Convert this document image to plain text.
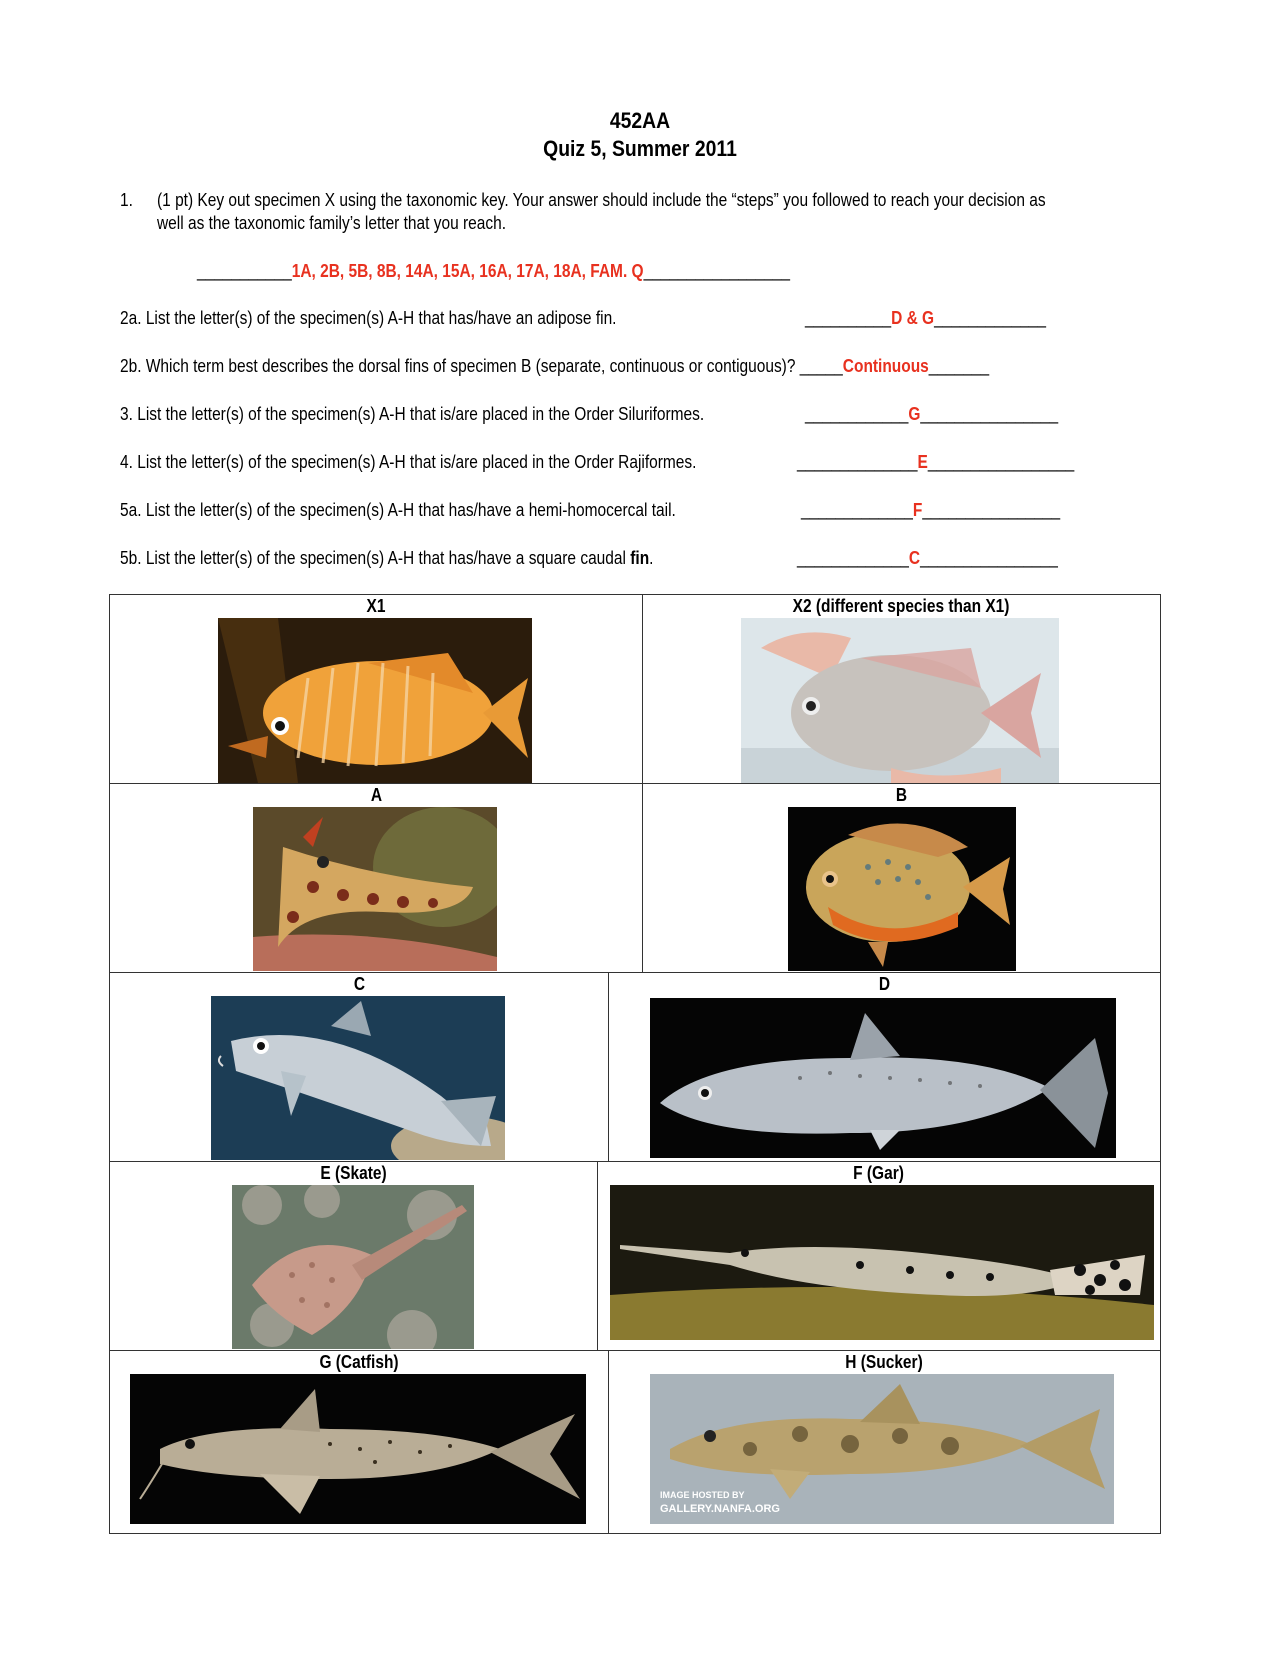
452AA
Quiz 5, Summer 2011
1. (1 pt) Key out specimen X using the taxonomic key. Your answer should include the “steps” you followed to reach your decision as
well as the taxonomic family’s letter that you reach.
___________1A, 2B, 5B, 8B, 14A, 15A, 16A, 17A, 18A, FAM. Q_________________
2a. List the letter(s) of the specimen(s) A-H that has/have an adipose fin.	__________D & G_____________
2b. Which term best describes the dorsal fins of specimen B (separate, continuous or contiguous)? _____Continuous_______
3. List the letter(s) of the specimen(s) A-H that is/are placed in the Order Siluriformes.	____________G________________
4. List the letter(s) of the specimen(s) A-H that is/are placed in the Order Rajiformes.	______________E_________________
5a. List the letter(s) of the specimen(s) A-H that has/have a hemi-homocercal tail.	_____________F________________
5b. List the letter(s) of the specimen(s) A-H that has/have a square caudal fin.	_____________C________________
X1	X2 (different species than X1)
A	B
C	D
E (Skate)	F (Gar)
G (Catfish)	H (Sucker)
IMAGE HOSTED BY
GALLERY.NANFA.ORG
